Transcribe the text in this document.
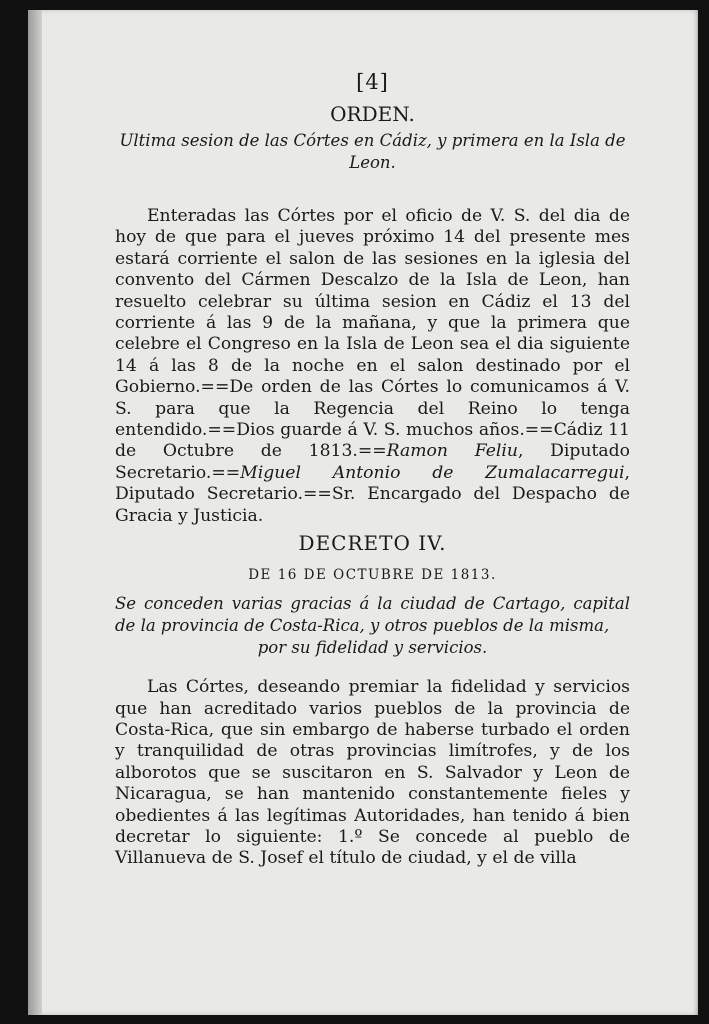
[4]

ORDEN.

Ultima sesion de las Córtes en Cádiz, y primera en la Isla de Leon.

Enteradas las Córtes por el oficio de V. S. del dia de hoy de que para el jueves próximo 14 del presente mes estará corriente el salon de las sesiones en la iglesia del convento del Cármen Descalzo de la Isla de Leon, han resuelto celebrar su última sesion en Cádiz el 13 del corriente á las 9 de la mañana, y que la primera que celebre el Congreso en la Isla de Leon sea el dia siguiente 14 á las 8 de la noche en el salon destinado por el Gobierno.==De orden de las Córtes lo comunicamos á V. S. para que la Regencia del Reino lo tenga entendido.==Dios guarde á V. S. muchos años.==Cádiz 11 de Octubre de 1813.==Ramon Feliu, Diputado Secretario.==Miguel Antonio de Zumalacarregui, Diputado Secretario.==Sr. Encargado del Despacho de Gracia y Justicia.

DECRETO IV.

DE 16 DE OCTUBRE DE 1813.

Se conceden varias gracias á la ciudad de Cartago, capital de la provincia de Costa-Rica, y otros pueblos de la misma,
por su fidelidad y servicios.

Las Córtes, deseando premiar la fidelidad y servicios que han acreditado varios pueblos de la provincia de Costa-Rica, que sin embargo de haberse turbado el orden y tranquilidad de otras provincias limítrofes, y de los alborotos que se suscitaron en S. Salvador y Leon de Nicaragua, se han mantenido constantemente fieles y obedientes á las legítimas Autoridades, han tenido á bien decretar lo siguiente: 1.º Se concede al pueblo de Villanueva de S. Josef el título de ciudad, y el de villa
